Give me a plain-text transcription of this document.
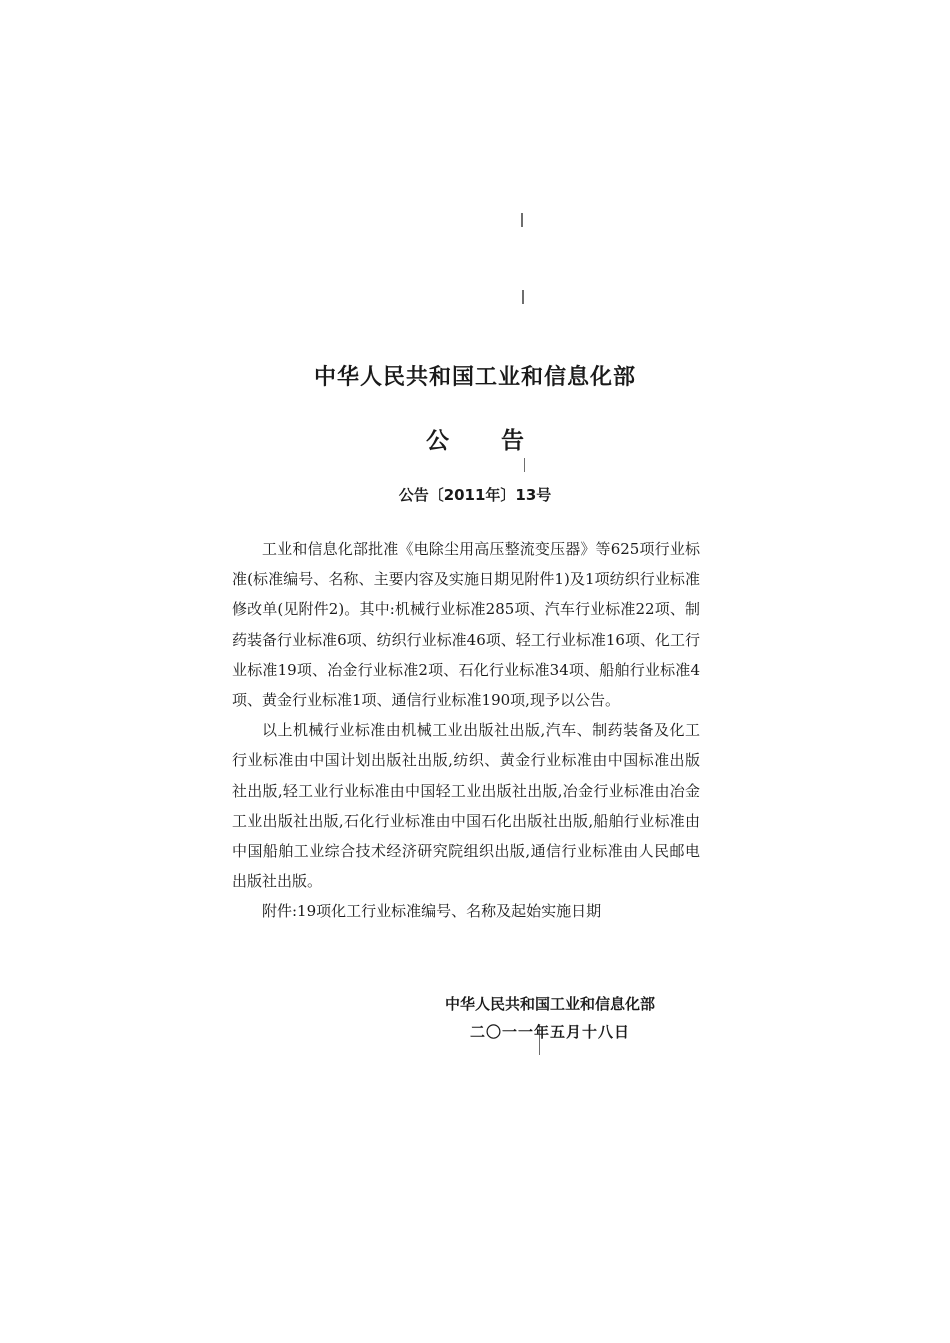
中华人民共和国工业和信息化部
公告
公告〔2011年〕13号

工业和信息化部批准《电除尘用高压整流变压器》等625项行业标准(标准编号、名称、主要内容及实施日期见附件1)及1项纺织行业标准修改单(见附件2)。其中:机械行业标准285项、汽车行业标准22项、制药装备行业标准6项、纺织行业标准46项、轻工行业标准16项、化工行业标准19项、冶金行业标准2项、石化行业标准34项、船舶行业标准4项、黄金行业标准1项、通信行业标准190项,现予以公告。

以上机械行业标准由机械工业出版社出版,汽车、制药装备及化工行业标准由中国计划出版社出版,纺织、黄金行业标准由中国标准出版社出版,轻工业行业标准由中国轻工业出版社出版,冶金行业标准由冶金工业出版社出版,石化行业标准由中国石化出版社出版,船舶行业标准由中国船舶工业综合技术经济研究院组织出版,通信行业标准由人民邮电出版社出版。

附件:19项化工行业标准编号、名称及起始实施日期

中华人民共和国工业和信息化部
二〇一一年五月十八日
